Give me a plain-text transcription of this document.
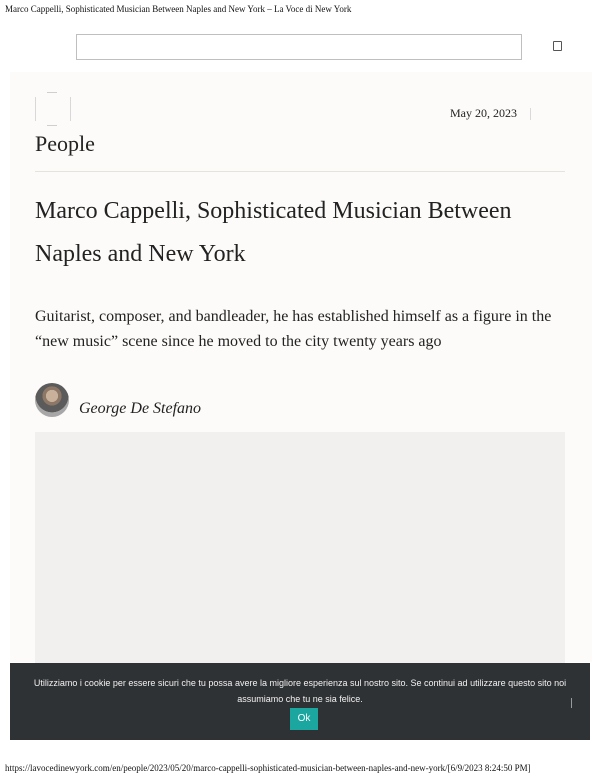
Marco Cappelli, Sophisticated Musician Between Naples and New York – La Voce di New York
May 20, 2023
People
Marco Cappelli, Sophisticated Musician Between Naples and New York

Guitarist, composer, and bandleader, he has established himself as a figure in the “new music” scene since he moved to the city twenty years ago

George De Stefano
Utilizziamo i cookie per essere sicuri che tu possa avere la migliore esperienza sul nostro sito. Se continui ad utilizzare questo sito noi assumiamo che tu ne sia felice.
Ok
https://lavocedinewyork.com/en/people/2023/05/20/marco-cappelli-sophisticated-musician-between-naples-and-new-york/[6/9/2023 8:24:50 PM]
